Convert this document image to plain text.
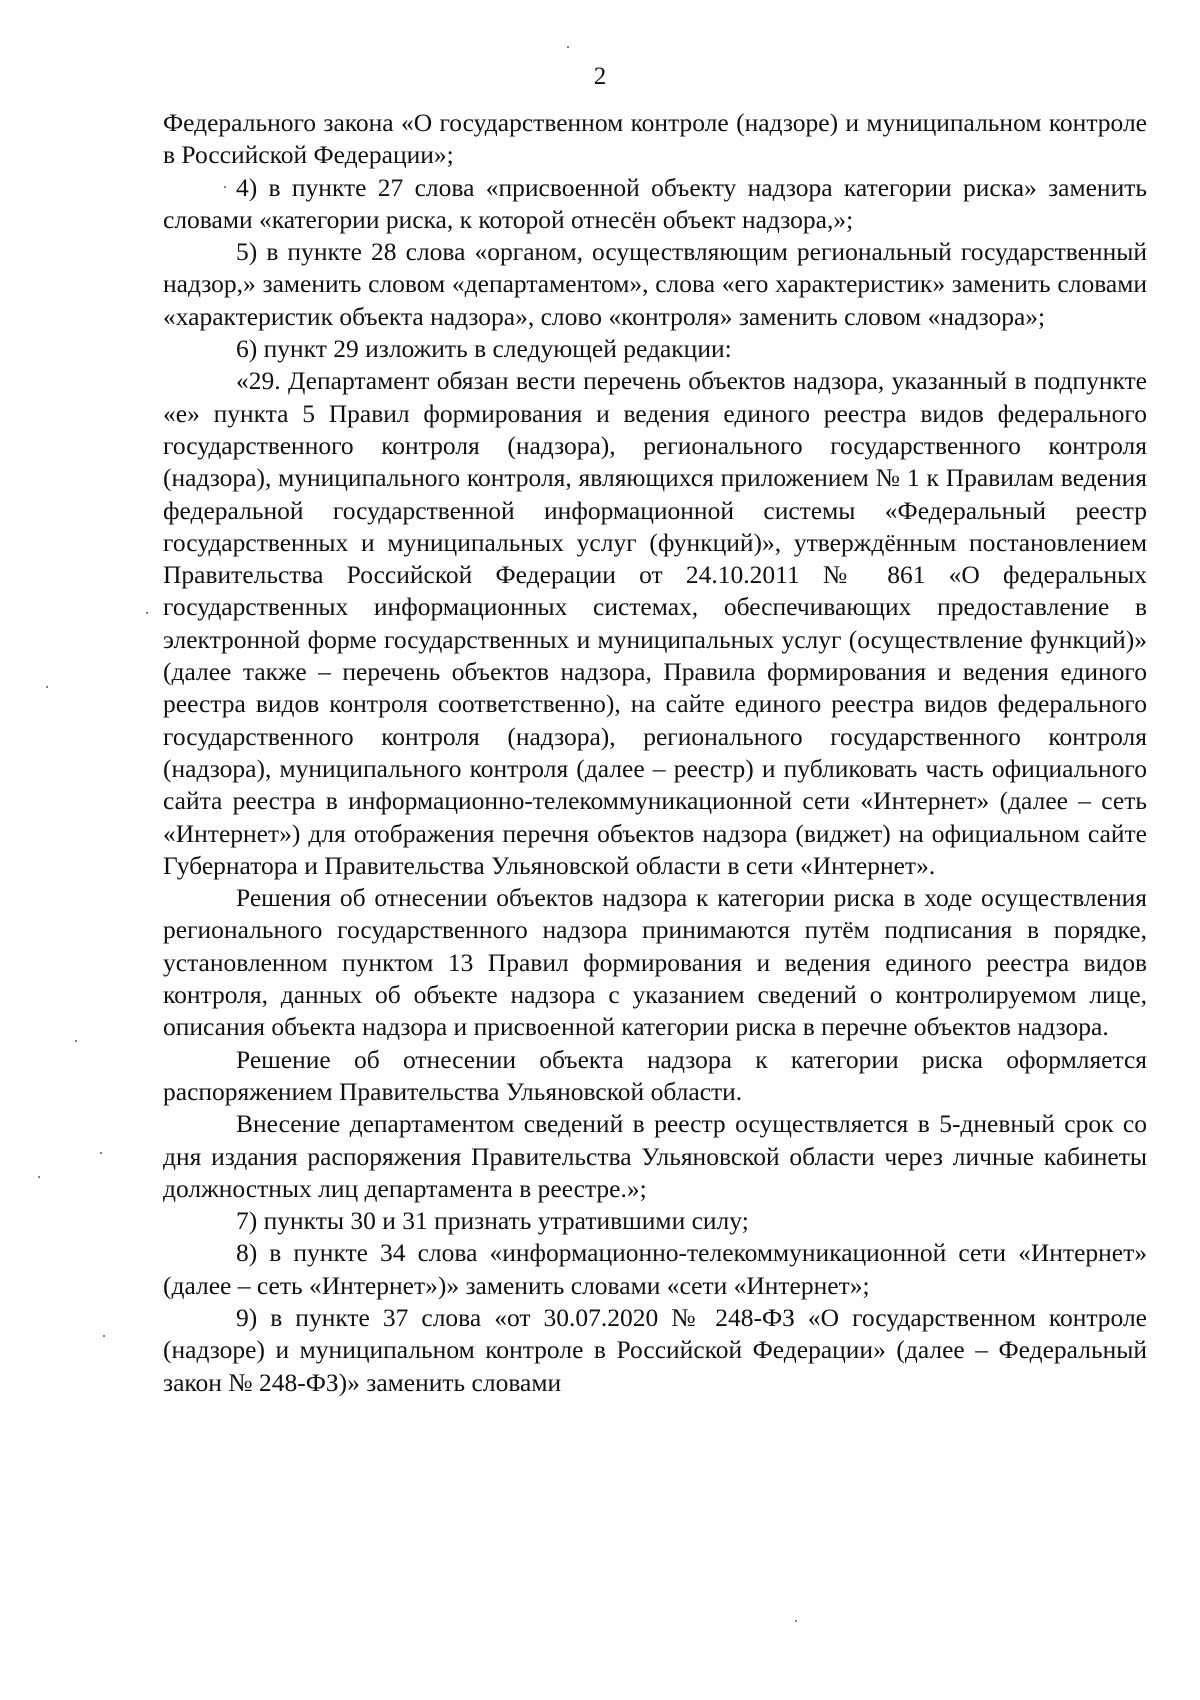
2

Федерального закона «О государственном контроле (надзоре) и муниципальном контроле в Российской Федерации»;

4) в пункте 27 слова «присвоенной объекту надзора категории риска» заменить словами «категории риска, к которой отнесён объект надзора,»;

5) в пункте 28 слова «органом, осуществляющим региональный государственный надзор,» заменить словом «департаментом», слова «его характеристик» заменить словами «характеристик объекта надзора», слово «контроля» заменить словом «надзора»;

6) пункт 29 изложить в следующей редакции:

«29. Департамент обязан вести перечень объектов надзора, указанный в подпункте «е» пункта 5 Правил формирования и ведения единого реестра видов федерального государственного контроля (надзора), регионального государственного контроля (надзора), муниципального контроля, являющихся приложением № 1 к Правилам ведения федеральной государственной информационной системы «Федеральный реестр государственных и муниципальных услуг (функций)», утверждённым постановлением Правительства Российской Федерации от 24.10.2011 № 861 «О федеральных государственных информационных системах, обеспечивающих предоставление в электронной форме государственных и муниципальных услуг (осуществление функций)» (далее также – перечень объектов надзора, Правила формирования и ведения единого реестра видов контроля соответственно), на сайте единого реестра видов федерального государственного контроля (надзора), регионального государственного контроля (надзора), муниципального контроля (далее – реестр) и публиковать часть официального сайта реестра в информационно-телекоммуникационной сети «Интернет» (далее – сеть «Интернет») для отображения перечня объектов надзора (виджет) на официальном сайте Губернатора и Правительства Ульяновской области в сети «Интернет».

Решения об отнесении объектов надзора к категории риска в ходе осуществления регионального государственного надзора принимаются путём подписания в порядке, установленном пунктом 13 Правил формирования и ведения единого реестра видов контроля, данных об объекте надзора с указанием сведений о контролируемом лице, описания объекта надзора и присвоенной категории риска в перечне объектов надзора.

Решение об отнесении объекта надзора к категории риска оформляется распоряжением Правительства Ульяновской области.

Внесение департаментом сведений в реестр осуществляется в 5-дневный срок со дня издания распоряжения Правительства Ульяновской области через личные кабинеты должностных лиц департамента в реестре.»;

7) пункты 30 и 31 признать утратившими силу;

8) в пункте 34 слова «информационно-телекоммуникационной сети «Интернет» (далее – сеть «Интернет»)» заменить словами «сети «Интернет»;

9) в пункте 37 слова «от 30.07.2020 № 248-ФЗ «О государственном контроле (надзоре) и муниципальном контроле в Российской Федерации» (далее – Федеральный закон № 248-ФЗ)» заменить словами
